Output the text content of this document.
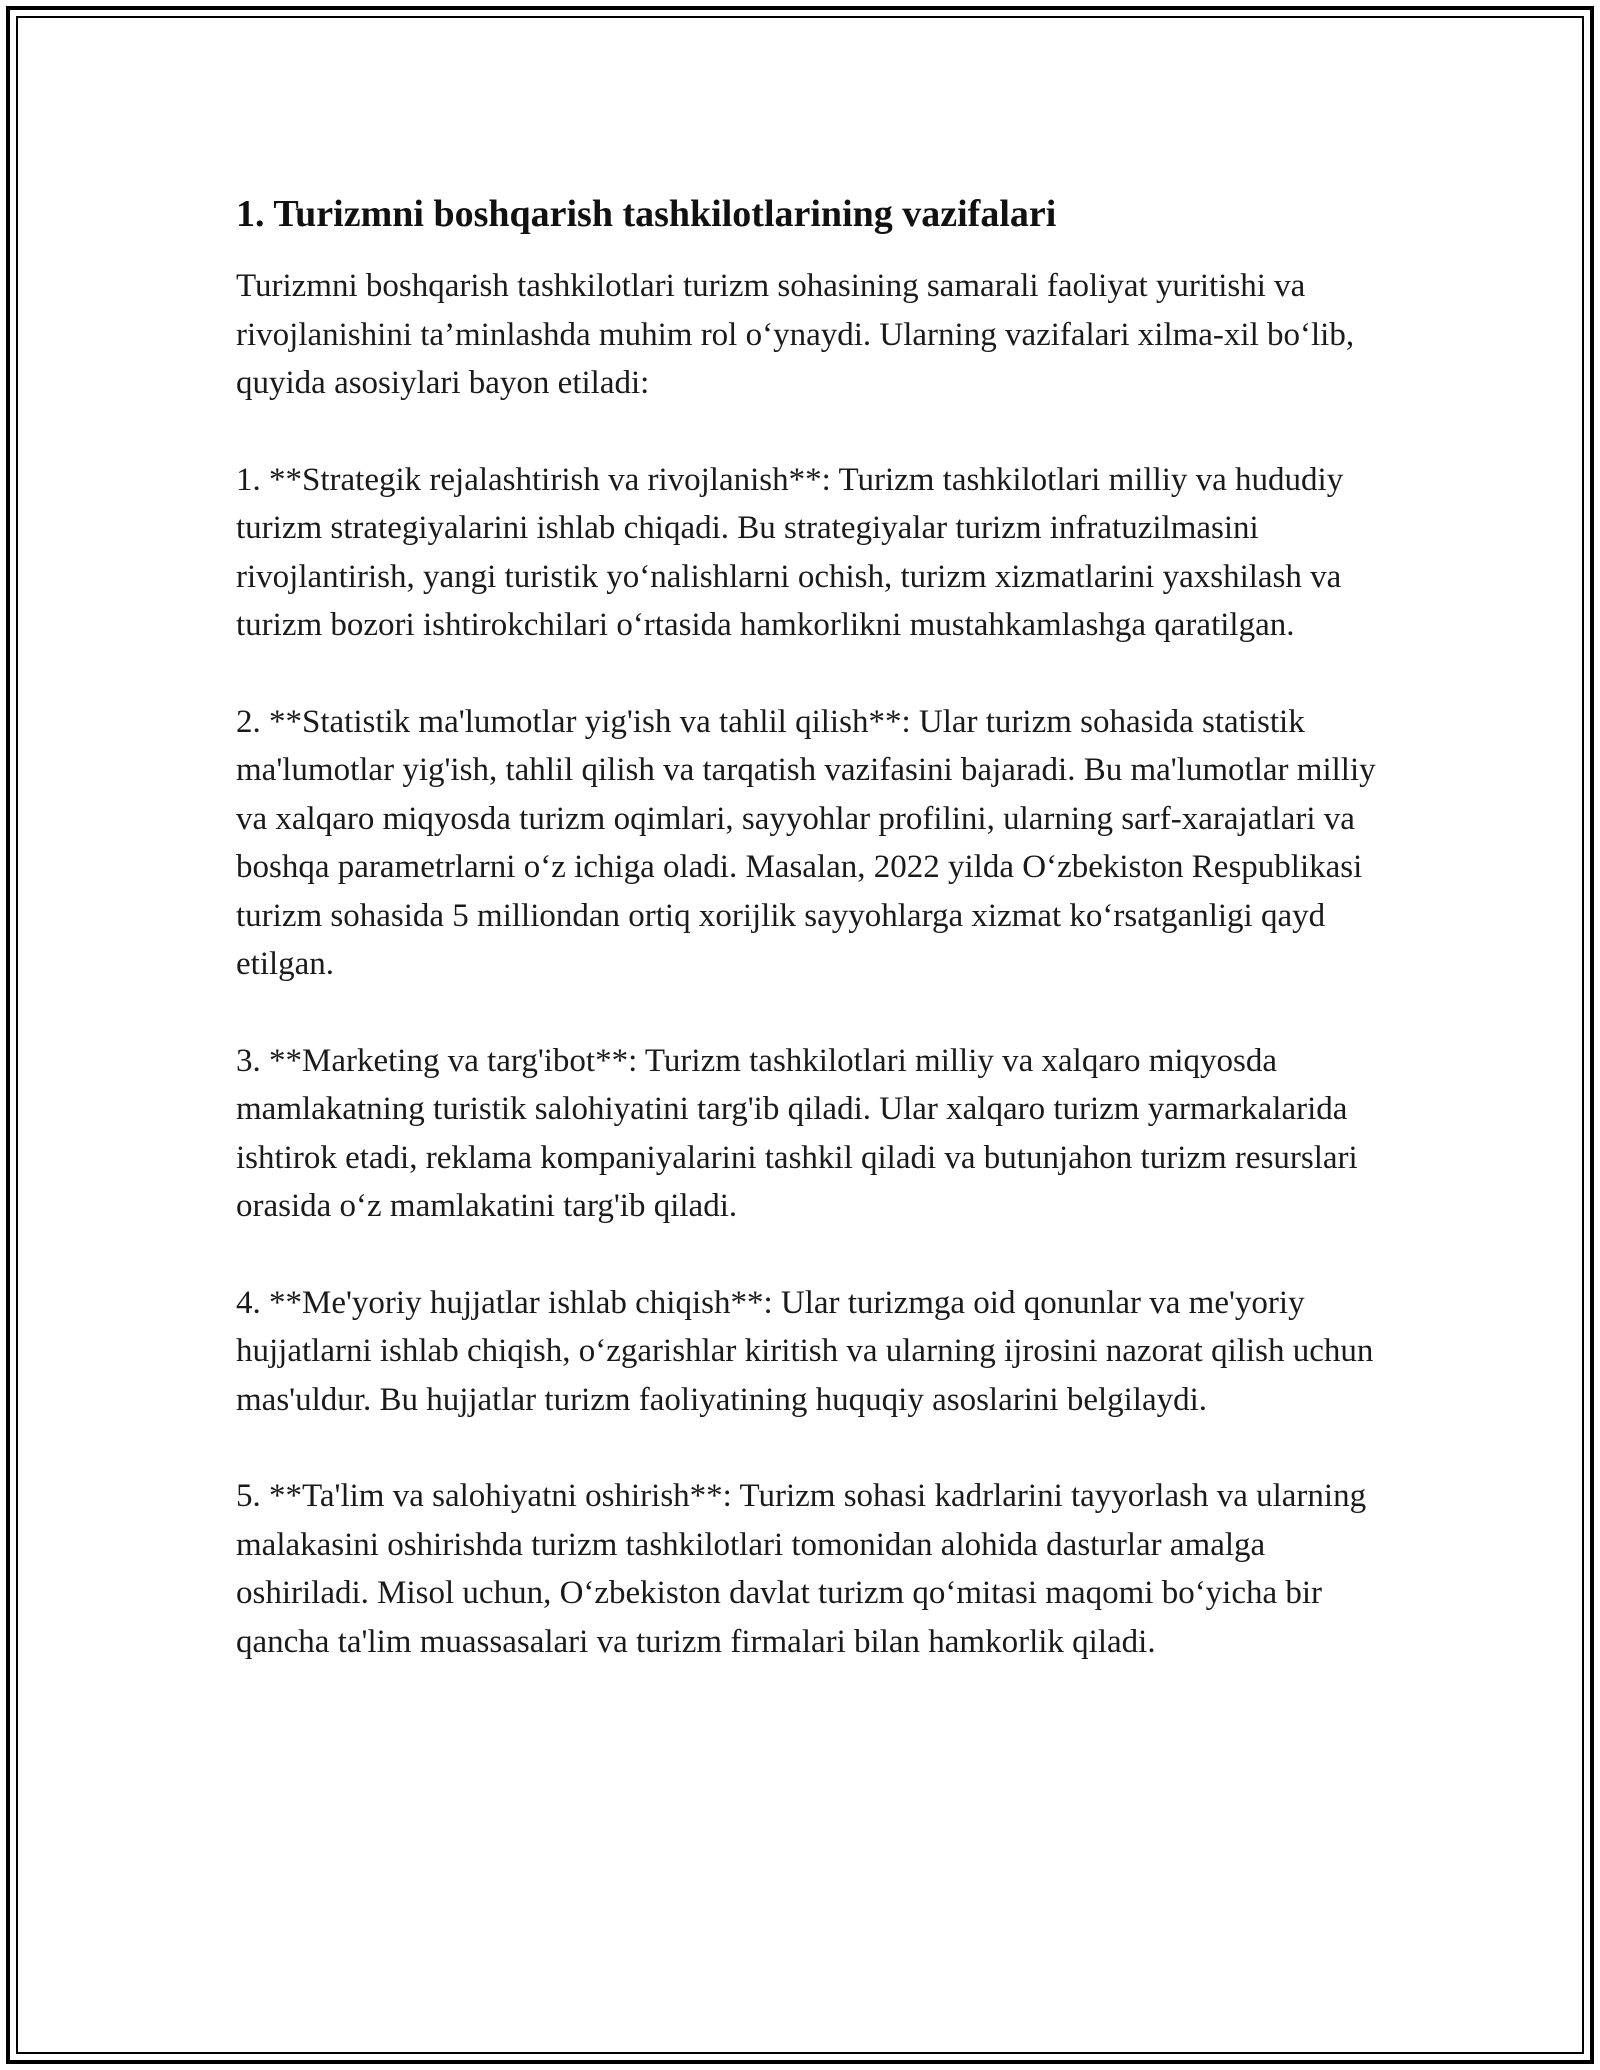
1. Turizmni boshqarish tashkilotlarining vazifalari

Turizmni boshqarish tashkilotlari turizm sohasining samarali faoliyat yuritishi va rivojlanishini ta’minlashda muhim rol o‘ynaydi. Ularning vazifalari xilma-xil bo‘lib, quyida asosiylari bayon etiladi:

1. **Strategik rejalashtirish va rivojlanish**: Turizm tashkilotlari milliy va hududiy turizm strategiyalarini ishlab chiqadi. Bu strategiyalar turizm infratuzilmasini rivojlantirish, yangi turistik yo‘nalishlarni ochish, turizm xizmatlarini yaxshilash va turizm bozori ishtirokchilari o‘rtasida hamkorlikni mustahkamlashga qaratilgan.

2. **Statistik ma'lumotlar yig'ish va tahlil qilish**: Ular turizm sohasida statistik ma'lumotlar yig'ish, tahlil qilish va tarqatish vazifasini bajaradi. Bu ma'lumotlar milliy va xalqaro miqyosda turizm oqimlari, sayyohlar profilini, ularning sarf-xarajatlari va boshqa parametrlarni o‘z ichiga oladi. Masalan, 2022 yilda O‘zbekiston Respublikasi turizm sohasida 5 milliondan ortiq xorijlik sayyohlarga xizmat ko‘rsatganligi qayd etilgan.

3. **Marketing va targ'ibot**: Turizm tashkilotlari milliy va xalqaro miqyosda mamlakatning turistik salohiyatini targ'ib qiladi. Ular xalqaro turizm yarmarkalarida ishtirok etadi, reklama kompaniyalarini tashkil qiladi va butunjahon turizm resurslari orasida o‘z mamlakatini targ'ib qiladi.

4. **Me'yoriy hujjatlar ishlab chiqish**: Ular turizmga oid qonunlar va me'yoriy hujjatlarni ishlab chiqish, o‘zgarishlar kiritish va ularning ijrosini nazorat qilish uchun mas'uldur. Bu hujjatlar turizm faoliyatining huquqiy asoslarini belgilaydi.

5. **Ta'lim va salohiyatni oshirish**: Turizm sohasi kadrlarini tayyorlash va ularning malakasini oshirishda turizm tashkilotlari tomonidan alohida dasturlar amalga oshiriladi. Misol uchun, O‘zbekiston davlat turizm qo‘mitasi maqomi bo‘yicha bir qancha ta'lim muassasalari va turizm firmalari bilan hamkorlik qiladi.
